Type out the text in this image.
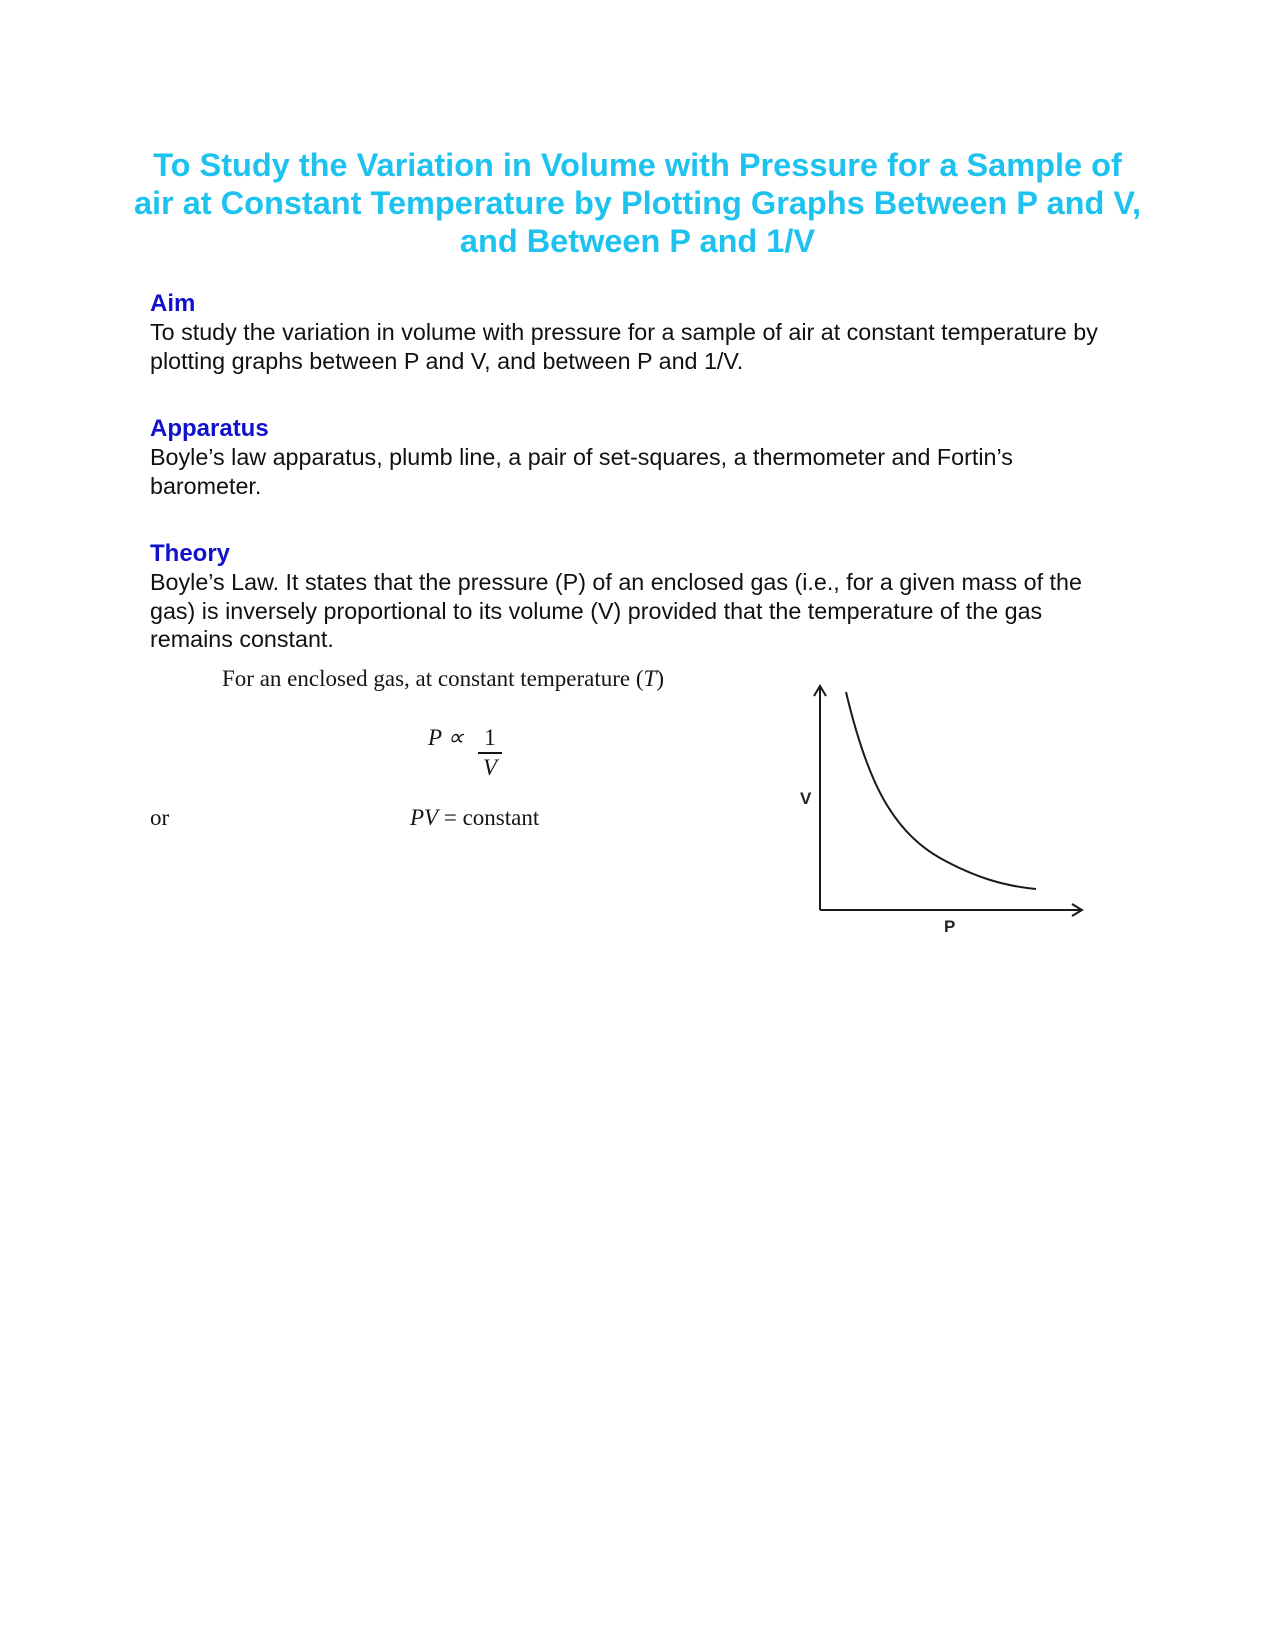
To Study the Variation in Volume with Pressure for a Sample of air at Constant Temperature by Plotting Graphs Between P and V, and Between P and 1/V
Aim

To study the variation in volume with pressure for a sample of air at constant temperature by plotting graphs between P and V, and between P and 1/V.

Apparatus

Boyle’s law apparatus, plumb line, a pair of set-squares, a thermometer and Fortin’s barometer.

Theory

Boyle’s Law. It states that the pressure (P) of an enclosed gas (i.e., for a given mass of the gas) is inversely proportional to its volume (V) provided that the temperature of the gas remains constant.

For an enclosed gas, at constant temperature (T)
P ∝ 1
V
or	PV = constant
V
P
